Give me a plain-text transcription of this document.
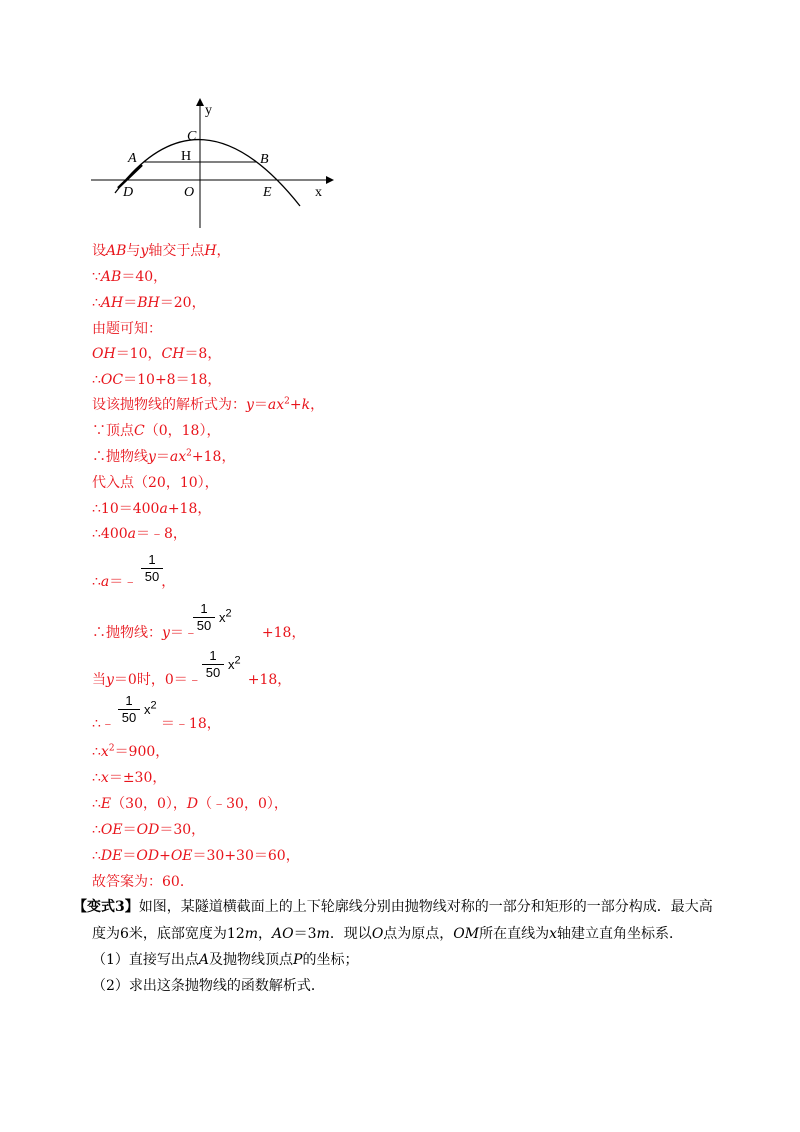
y
x
C
A	H	B
D	O	E
设AB与y轴交于点H，
∵AB＝40，
∴AH＝BH＝20，
由题可知：
OH＝10，CH＝8，
∴OC＝10+8＝18，
设该抛物线的解析式为：$y=ax^2+k$，
∵顶点C（0，18），
∴抛物线$y=ax^2+18$，
代入点（20，10），
∴10＝400a+18，
∴400a＝﹣8，
∴a＝﹣ ，
1
50
∴抛物线：y＝﹣	+18，
1
50
$x^2$
当y＝0时，0＝﹣	+18，
1
50
$x^2$
∴﹣	＝﹣18，
1
50
$x^2$
$\therefore x^2=900$，
∴x＝±30，
∴E（30，0），D（﹣30，0），
∴OE＝OD＝30，
∴DE＝OD+OE＝30+30＝60，
故答案为：60．
【变式3】如图，某隧道横截面上的上下轮廓线分别由抛物线对称的一部分和矩形的一部分构成．最大高
度为6米，底部宽度为12m，AO＝3m．现以O点为原点，OM所在直线为x轴建立直角坐标系．
（1）直接写出点A及抛物线顶点P的坐标；
（2）求出这条抛物线的函数解析式．
